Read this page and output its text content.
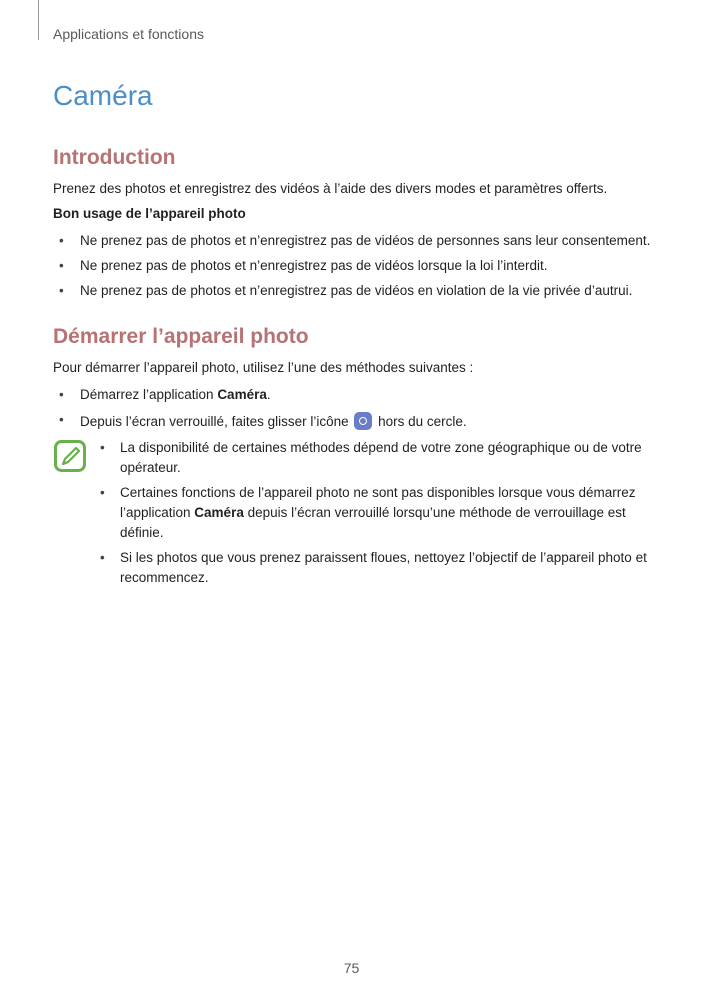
Applications et fonctions
Caméra
Introduction

Prenez des photos et enregistrez des vidéos à l’aide des divers modes et paramètres offerts.

Bon usage de l’appareil photo

• Ne prenez pas de photos et n’enregistrez pas de vidéos de personnes sans leur consentement.
• Ne prenez pas de photos et n’enregistrez pas de vidéos lorsque la loi l’interdit.
• Ne prenez pas de photos et n’enregistrez pas de vidéos en violation de la vie privée d’autrui.
Démarrer l’appareil photo

Pour démarrer l’appareil photo, utilisez l’une des méthodes suivantes :

• Démarrez l’application Caméra.
• Depuis l’écran verrouillé, faites glisser l’icône  hors du cercle.
• La disponibilité de certaines méthodes dépend de votre zone géographique ou de votre opérateur.
• Certaines fonctions de l’appareil photo ne sont pas disponibles lorsque vous démarrez l’application Caméra depuis l’écran verrouillé lorsqu’une méthode de verrouillage est définie.
• Si les photos que vous prenez paraissent floues, nettoyez l’objectif de l’appareil photo et recommencez.
75
